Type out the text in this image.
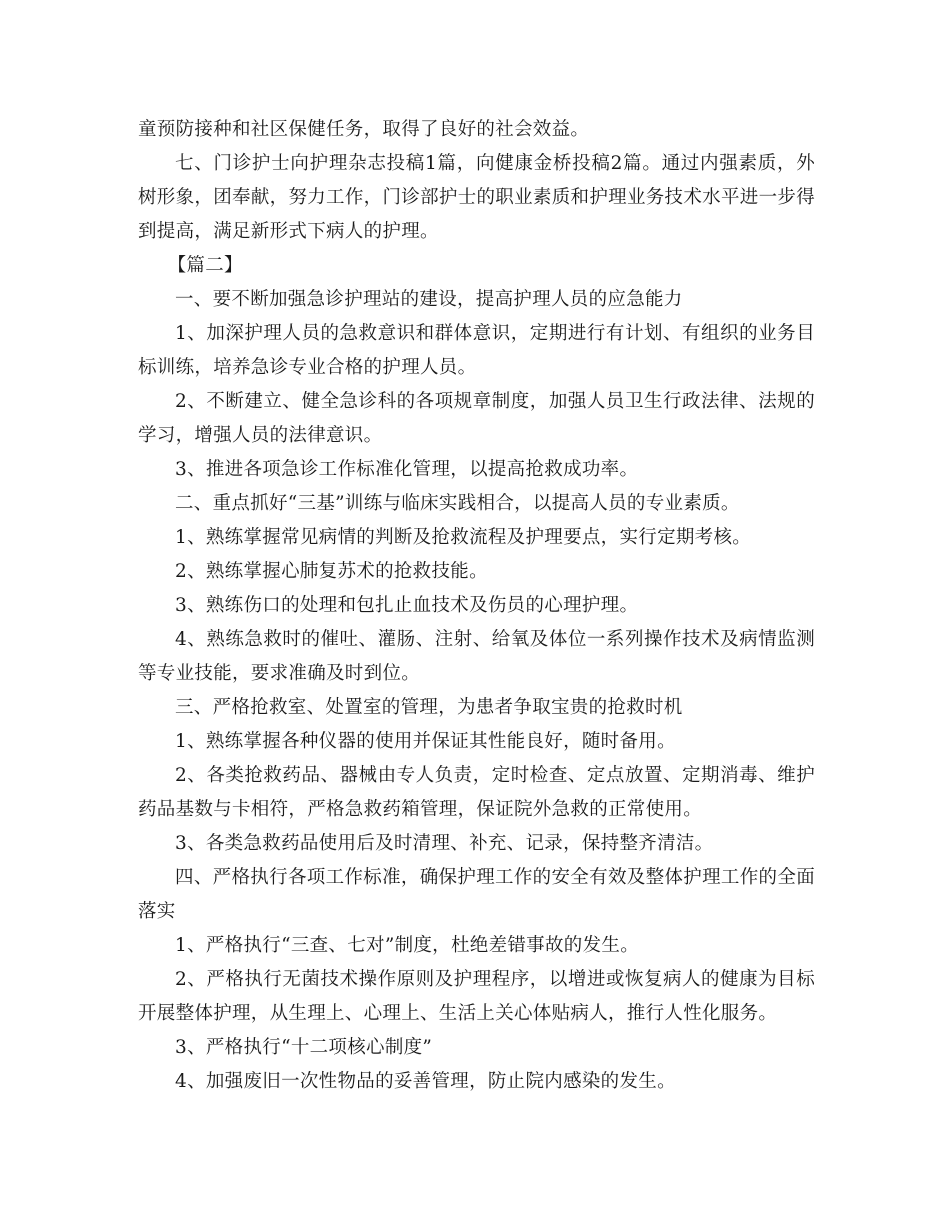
童预防接种和社区保健任务，取得了良好的社会效益。

七、门诊护士向护理杂志投稿1篇，向健康金桥投稿2篇。通过内强素质，外树形象，团奉献，努力工作，门诊部护士的职业素质和护理业务技术水平进一步得到提高，满足新形式下病人的护理。

【篇二】

一、要不断加强急诊护理站的建设，提高护理人员的应急能力

1、加深护理人员的急救意识和群体意识，定期进行有计划、有组织的业务目标训练，培养急诊专业合格的护理人员。

2、不断建立、健全急诊科的各项规章制度，加强人员卫生行政法律、法规的学习，增强人员的法律意识。

3、推进各项急诊工作标准化管理，以提高抢救成功率。

二、重点抓好“三基”训练与临床实践相合，以提高人员的专业素质。

1、熟练掌握常见病情的判断及抢救流程及护理要点，实行定期考核。

2、熟练掌握心肺复苏术的抢救技能。

3、熟练伤口的处理和包扎止血技术及伤员的心理护理。

4、熟练急救时的催吐、灌肠、注射、给氧及体位一系列操作技术及病情监测等专业技能，要求准确及时到位。

三、严格抢救室、处置室的管理，为患者争取宝贵的抢救时机

1、熟练掌握各种仪器的使用并保证其性能良好，随时备用。

2、各类抢救药品、器械由专人负责，定时检查、定点放置、定期消毒、维护药品基数与卡相符，严格急救药箱管理，保证院外急救的正常使用。

3、各类急救药品使用后及时清理、补充、记录，保持整齐清洁。

四、严格执行各项工作标准，确保护理工作的安全有效及整体护理工作的全面落实

1、严格执行“三查、七对”制度，杜绝差错事故的发生。

2、严格执行无菌技术操作原则及护理程序，以增进或恢复病人的健康为目标开展整体护理，从生理上、心理上、生活上关心体贴病人，推行人性化服务。

3、严格执行“十二项核心制度”

4、加强废旧一次性物品的妥善管理，防止院内感染的发生。
